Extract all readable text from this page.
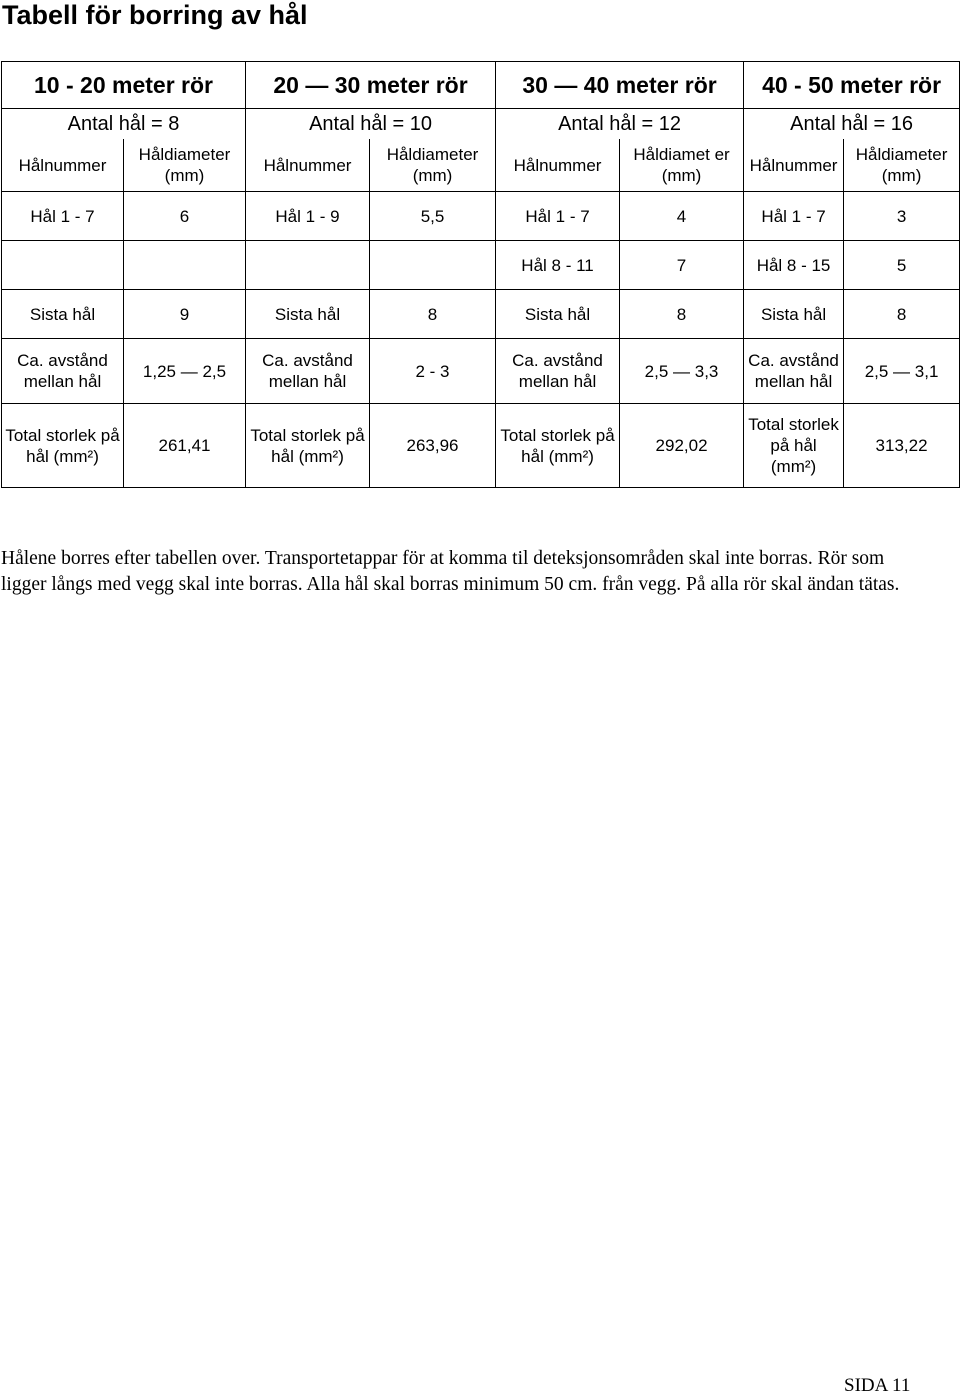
Tabell för borring av hål
10 - 20 meter rör		20 — 30 meter rör		30 — 40 meter rör		40 - 50 meter rör	
Antal hål = 8		Antal hål = 10		Antal hål = 12		Antal hål = 16	
Hålnummer	Håldiameter (mm)	Hålnummer	Håldiameter (mm)	Hålnummer	Håldiamet er (mm)	Hålnummer	Håldiameter (mm)
Hål 1 - 7	6	Hål 1 - 9	5,5	Hål 1 - 7	4	Hål 1 - 7	3
				Hål 8 - 11	7	Hål 8 - 15	5
Sista hål	9	Sista hål	8	Sista hål	8	Sista hål	8
Ca. avstånd mellan hål	1,25 — 2,5	Ca. avstånd mellan hål	2 - 3	Ca. avstånd mellan hål	2,5 — 3,3	Ca. avstånd mellan hål	2,5 — 3,1
Total storlek på hål (mm²)	261,41	Total storlek på hål (mm²)	263,96	Total storlek på hål (mm²)	292,02	Total storlek på hål (mm²)	313,22

Hålene borres efter tabellen over. Transportetappar för at komma til deteksjonsområden skal inte borras. Rör som ligger långs med vegg skal inte borras. Alla hål skal borras minimum 50 cm. från vegg. På alla rör skal ändan tätas.

SIDA 11
